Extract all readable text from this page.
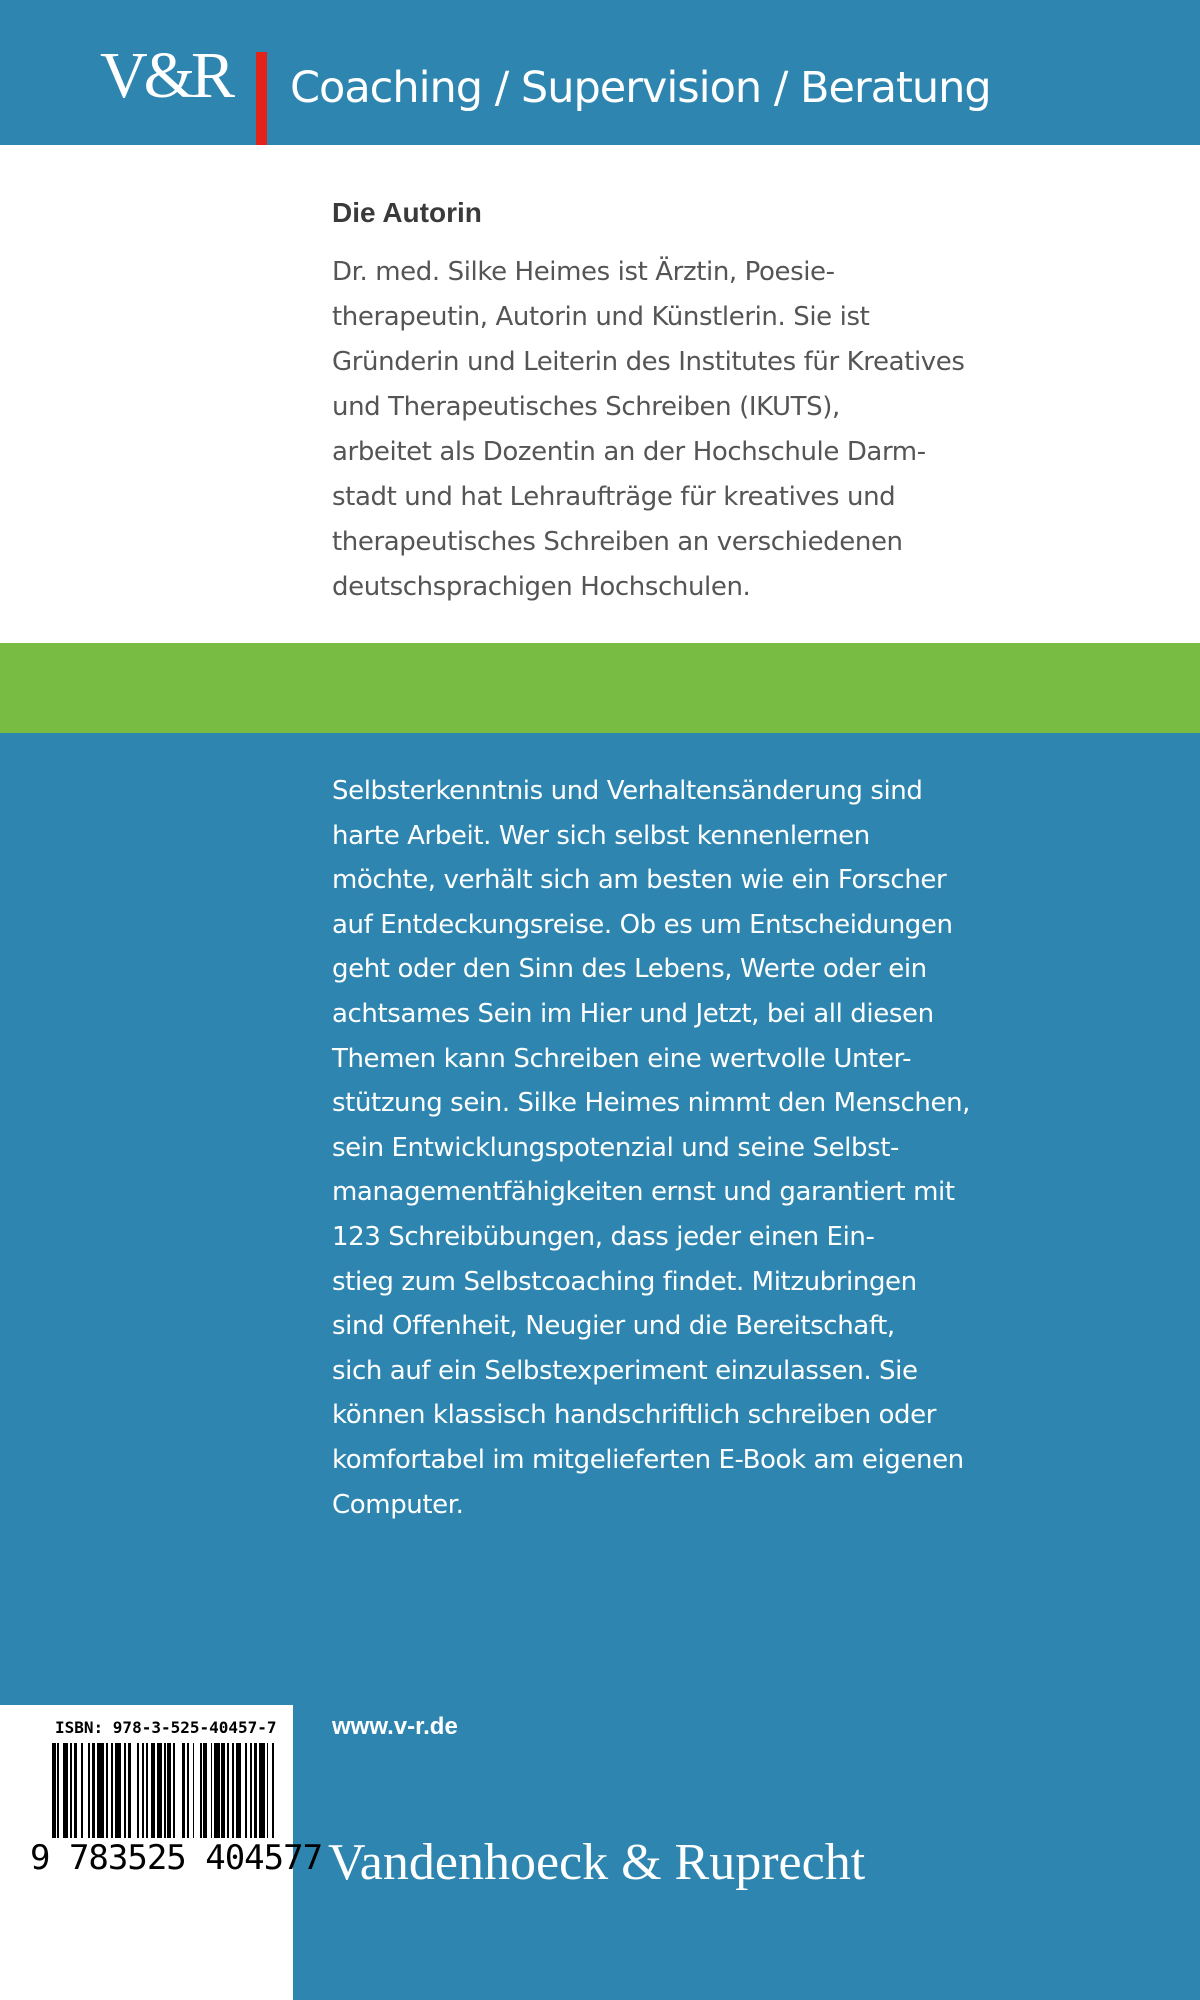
V&R Coaching / Supervision / Beratung
Die Autorin
Dr. med. Silke Heimes ist Ärztin, Poesie-
therapeutin, Autorin und Künstlerin. Sie ist
Gründerin und Leiterin des Institutes für Kreatives
und Therapeutisches Schreiben (IKUTS),
arbeitet als Dozentin an der Hochschule Darm-
stadt und hat Lehraufträge für kreatives und
therapeutisches Schreiben an verschiedenen
deutschsprachigen Hochschulen.
Selbsterkenntnis und Verhaltensänderung sind
harte Arbeit. Wer sich selbst kennenlernen
möchte, verhält sich am besten wie ein Forscher
auf Entdeckungsreise. Ob es um Entscheidungen
geht oder den Sinn des Lebens, Werte oder ein
achtsames Sein im Hier und Jetzt, bei all diesen
Themen kann Schreiben eine wertvolle Unter-
stützung sein. Silke Heimes nimmt den Menschen,
sein Entwicklungspotenzial und seine Selbst-
managementfähigkeiten ernst und garantiert mit
123 Schreibübungen, dass jeder einen Ein-
stieg zum Selbstcoaching findet. Mitzubringen
sind Offenheit, Neugier und die Bereitschaft,
sich auf ein Selbstexperiment einzulassen. Sie
können klassisch handschriftlich schreiben oder
komfortabel im mitgelieferten E-Book am eigenen
Computer.
ISBN: 978-3-525-40457-7
9 783525 404577
www.v-r.de
Vandenhoeck & Ruprecht
